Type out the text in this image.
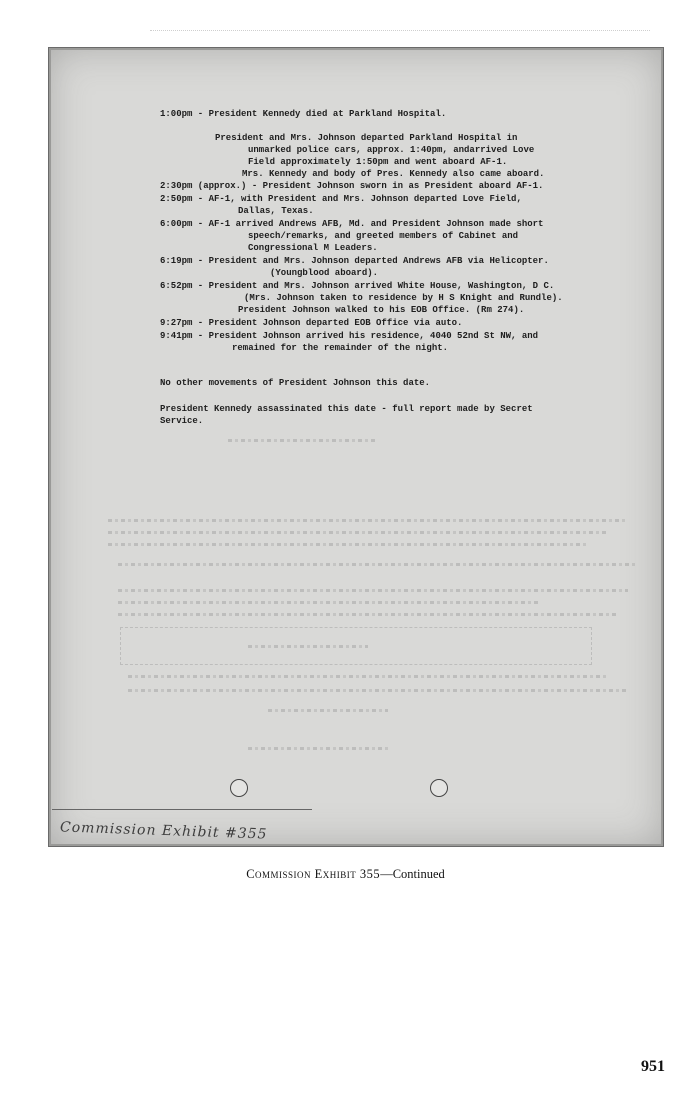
1:00pm - President Kennedy died at Parkland Hospital.
President and Mrs. Johnson departed Parkland Hospital in
unmarked police cars, approx. 1:40pm, andarrived Love
Field approximately 1:50pm and went aboard AF-1.
Mrs. Kennedy and body of Pres. Kennedy also came aboard.
2:30pm (approx.) - President Johnson sworn in as President aboard AF-1.
2:50pm - AF-1, with President and Mrs. Johnson departed Love Field,
Dallas, Texas.
6:00pm - AF-1 arrived Andrews AFB, Md. and President Johnson made short
speech/remarks, and greeted members of Cabinet and
Congressional M Leaders.
6:19pm - President and Mrs. Johnson departed Andrews AFB via Helicopter.
(Youngblood aboard).
6:52pm - President and Mrs. Johnson arrived White House, Washington, D C.
(Mrs. Johnson taken to residence by H S Knight and Rundle).
President Johnson walked to his EOB Office. (Rm 274).
9:27pm - President Johnson departed EOB Office via auto.
9:41pm - President Johnson arrived his residence, 4040 52nd St NW, and
remained for the remainder of the night.
No other movements of President Johnson this date.
President Kennedy assassinated this date - full report made by Secret
Service.
Commission Exhibit #355
Commission Exhibit 355—Continued
951
